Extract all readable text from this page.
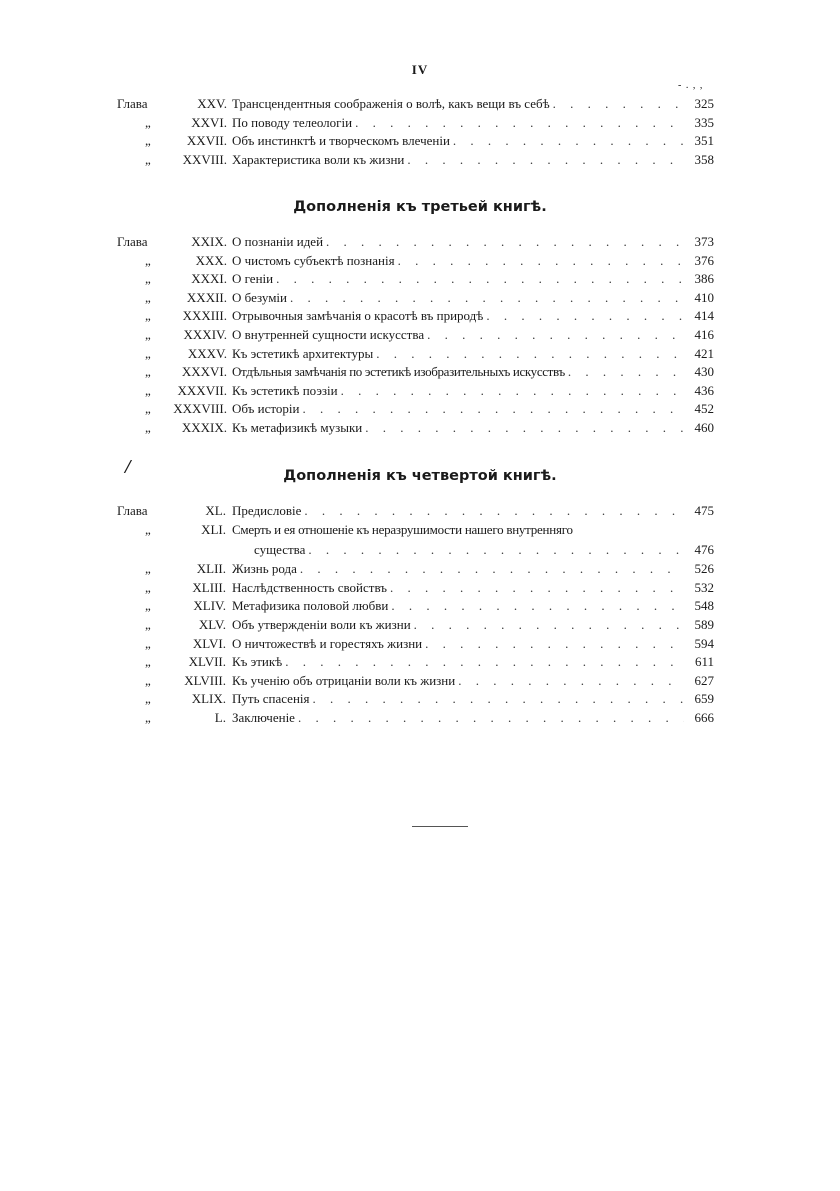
IV
- . , ,
Глава	XXV. Трансцендентныя соображенія о волѣ, какъ вещи въ себѣ . . .	325
„	XXVI. По поводу телеологіи . . .	335
„	XXVII. Объ инстинктѣ и творческомъ влеченіи . . .	351
„	XXVIII. Характеристика воли къ жизни . . .	358
Дополненія къ третьей книгѣ.
Глава	XXIX. О познаніи идей . . .	373
„	XXX. О чистомъ субъектѣ познанія . . .	376
„	XXXI. О геніи . . .	386
„	XXXII. О безуміи . . .	410
„	XXXIII. Отрывочныя замѣчанія о красотѣ въ природѣ . . .	414
„	XXXIV. О внутренней сущности искусства . . .	416
„	XXXV. Къ эстетикѣ архитектуры . . .	421
„	XXXVI. Отдѣльныя замѣчанія по эстетикѣ изобразительныхъ искусствъ . . .	430
„	XXXVII. Къ эстетикѣ поэзіи . . .	436
„	XXXVIII. Объ исторіи . . .	452
„	XXXIX. Къ метафизикѣ музыки . . .	460
/	Дополненія къ четвертой книгѣ.
Глава	XL. Предисловіе . . .	475
„	XLI. Смерть и ея отношеніе къ неразрушимости нашего внутренняго
существа . . .	476
„	XLII. Жизнь рода . . .	526
„	XLIII. Наслѣдственность свойствъ . . .	532
„	XLIV. Метафизика половой любви . . .	548
„	XLV. Объ утвержденіи воли къ жизни . . .	589
„	XLVI. О ничтожествѣ и горестяхъ жизни . . .	594
„	XLVII. Къ этикѣ . . .	611
„	XLVIII. Къ ученію объ отрицаніи воли къ жизни . . .	627
„	XLIX. Путь спасенія . . .	659
„	L. Заключеніе . . .	666
